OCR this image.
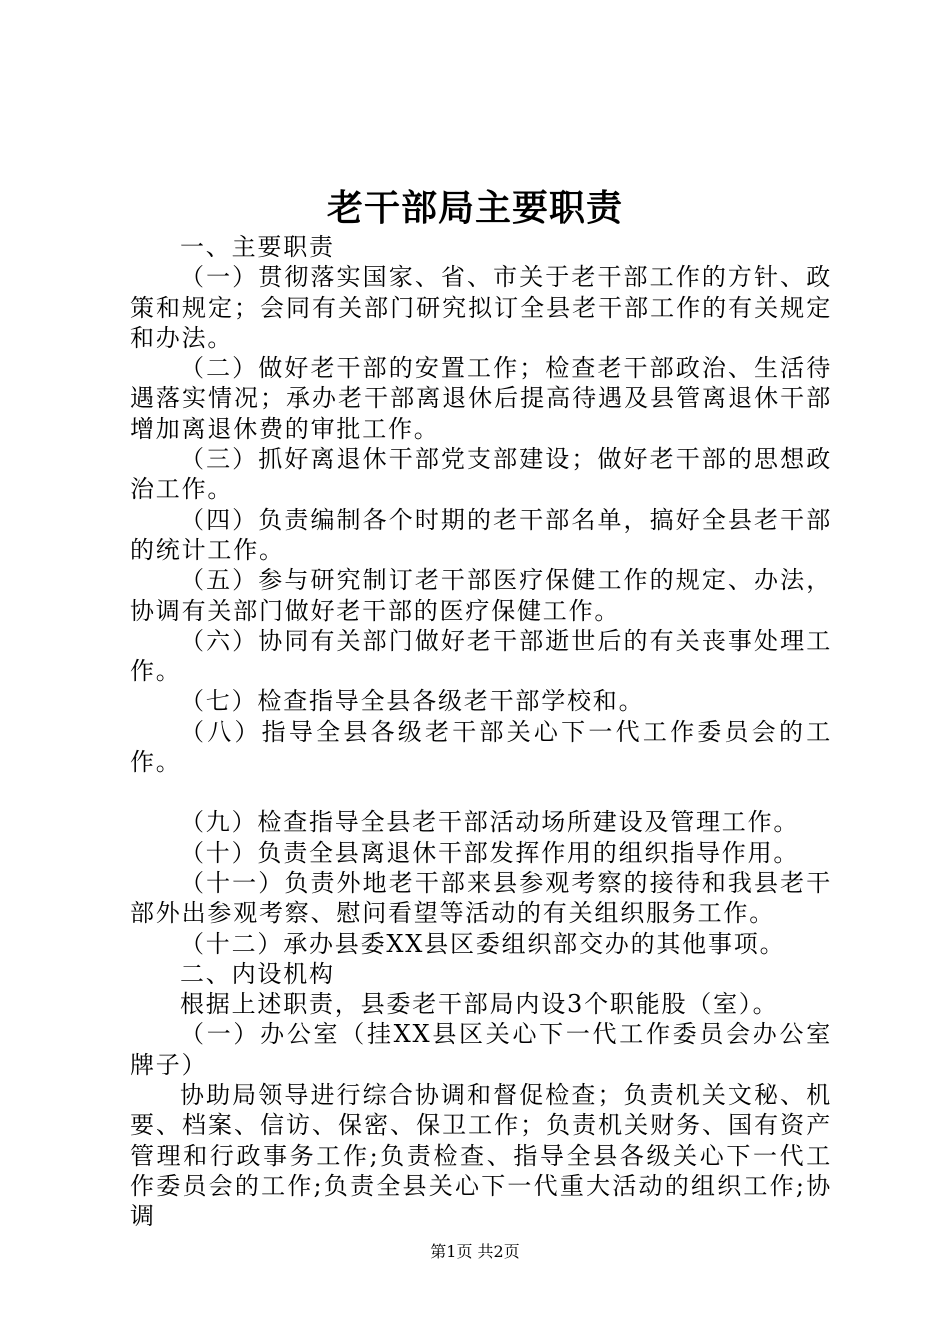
老干部局主要职责

一、主要职责

（一）贯彻落实国家、省、市关于老干部工作的方针、政策和规定；会同有关部门研究拟订全县老干部工作的有关规定和办法。

（二）做好老干部的安置工作；检查老干部政治、生活待遇落实情况；承办老干部离退休后提高待遇及县管离退休干部增加离退休费的审批工作。

（三）抓好离退休干部党支部建设；做好老干部的思想政治工作。

（四）负责编制各个时期的老干部名单，搞好全县老干部的统计工作。

（五）参与研究制订老干部医疗保健工作的规定、办法，协调有关部门做好老干部的医疗保健工作。

（六）协同有关部门做好老干部逝世后的有关丧事处理工作。

（七）检查指导全县各级老干部学校和。

（八）指导全县各级老干部关心下一代工作委员会的工作。

（九）检查指导全县老干部活动场所建设及管理工作。

（十）负责全县离退休干部发挥作用的组织指导作用。

（十一）负责外地老干部来县参观考察的接待和我县老干部外出参观考察、慰问看望等活动的有关组织服务工作。

（十二）承办县委XX县区委组织部交办的其他事项。

二、内设机构

根据上述职责，县委老干部局内设3个职能股（室）。

（一）办公室（挂XX县区关心下一代工作委员会办公室牌子）

协助局领导进行综合协调和督促检查；负责机关文秘、机要、档案、信访、保密、保卫工作；负责机关财务、国有资产管理和行政事务工作;负责检查、指导全县各级关心下一代工作委员会的工作;负责全县关心下一代重大活动的组织工作;协调

第1页 共2页
